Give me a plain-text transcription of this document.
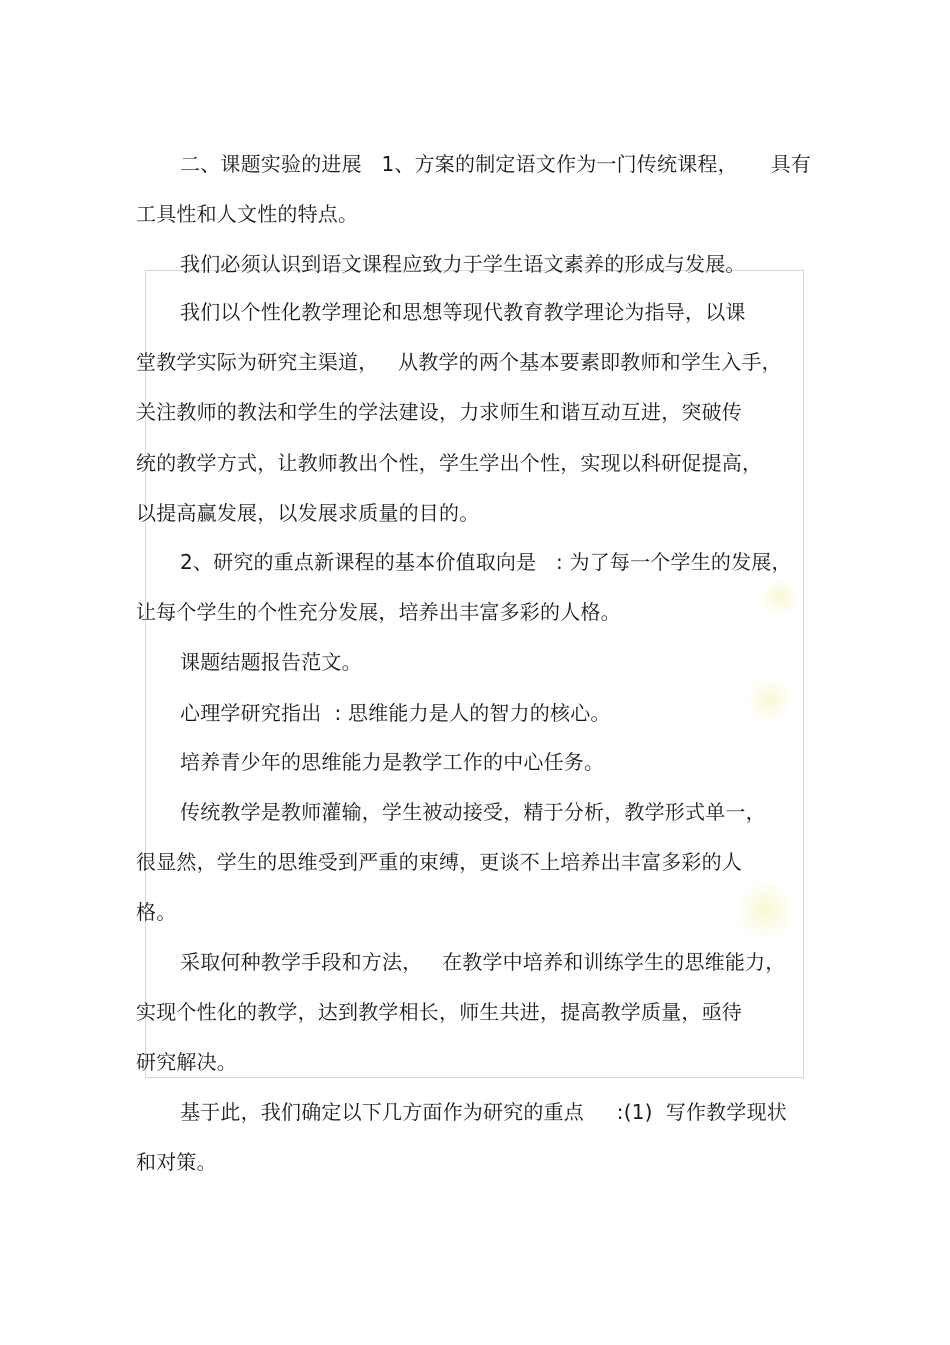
二、课题实验的进展   1、方案的制定语文作为一门传统课程，     具有
工具性和人文性的特点。
我们必须认识到语文课程应致力于学生语文素养的形成与发展。
我们以个性化教学理论和思想等现代教育教学理论为指导，以课
堂教学实际为研究主渠道，   从教学的两个基本要素即教师和学生入手，
关注教师的教法和学生的学法建设，力求师生和谐互动互进，突破传
统的教学方式，让教师教出个性，学生学出个性，实现以科研促提高，
以提高赢发展，以发展求质量的目的。
2、研究的重点新课程的基本价值取向是   : 为了每一个学生的发展，
让每个学生的个性充分发展，培养出丰富多彩的人格。
课题结题报告范文。
心理学研究指出  : 思维能力是人的智力的核心。
培养青少年的思维能力是教学工作的中心任务。
传统教学是教师灌输，学生被动接受，精于分析，教学形式单一，
很显然，学生的思维受到严重的束缚，更谈不上培养出丰富多彩的人
格。
采取何种教学手段和方法，   在教学中培养和训练学生的思维能力，
实现个性化的教学，达到教学相长，师生共进，提高教学质量，亟待
研究解决。
基于此，我们确定以下几方面作为研究的重点     :(1)  写作教学现状
和对策。
